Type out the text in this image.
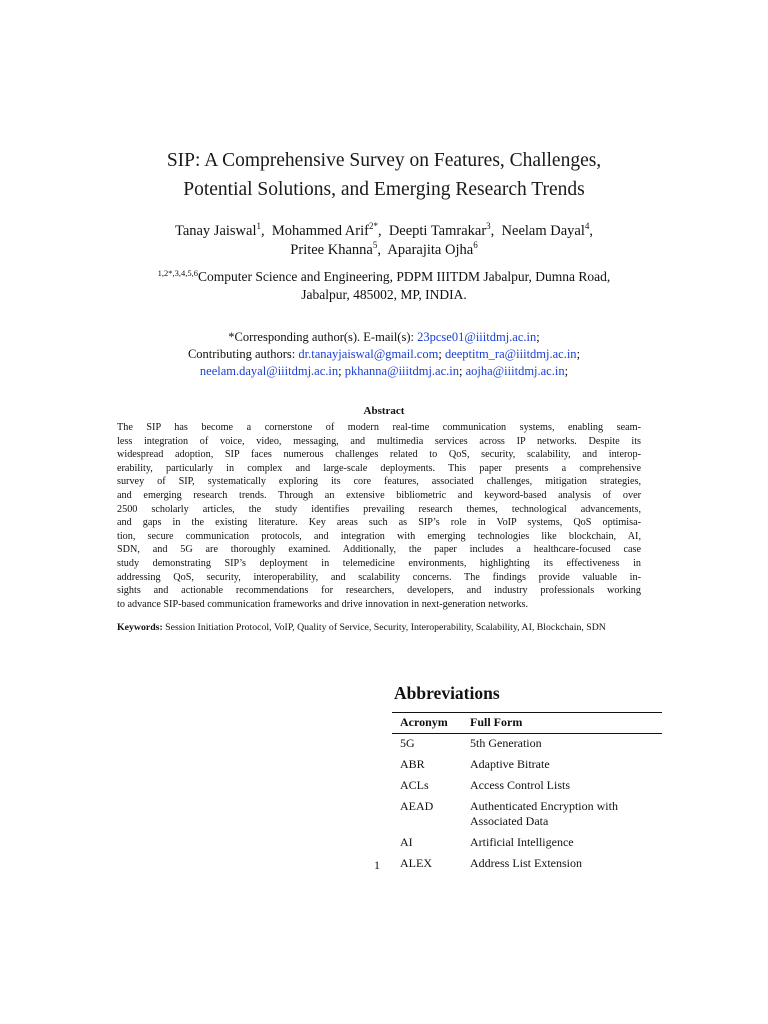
SIP: A Comprehensive Survey on Features, Challenges,
Potential Solutions, and Emerging Research Trends
Tanay Jaiswal$^1$, Mohammed Arif$^{2*}$, Deepti Tamrakar$^3$, Neelam Dayal$^4$,
Pritee Khanna$^5$, Aparajita Ojha$^6$
$^{1,2*,3,4,5,6}$Computer Science and Engineering, PDPM IIITDM Jabalpur, Dumna Road,
Jabalpur, 485002, MP, INDIA.
*Corresponding author(s). E-mail(s): 23pcse01@iiitdmj.ac.in;
Contributing authors: dr.tanayjaiswal@gmail.com; deeptitm_ra@iiitdmj.ac.in;
neelam.dayal@iiitdmj.ac.in; pkhanna@iiitdmj.ac.in; aojha@iiitdmj.ac.in;
Abstract
The SIP has become a cornerstone of modern real-time communication systems, enabling seam-
less integration of voice, video, messaging, and multimedia services across IP networks. Despite its
widespread adoption, SIP faces numerous challenges related to QoS, security, scalability, and interop-
erability, particularly in complex and large-scale deployments. This paper presents a comprehensive
survey of SIP, systematically exploring its core features, associated challenges, mitigation strategies,
and emerging research trends. Through an extensive bibliometric and keyword-based analysis of over
2500 scholarly articles, the study identifies prevailing research themes, technological advancements,
and gaps in the existing literature. Key areas such as SIP’s role in VoIP systems, QoS optimisa-
tion, secure communication protocols, and integration with emerging technologies like blockchain, AI,
SDN, and 5G are thoroughly examined. Additionally, the paper includes a healthcare-focused case
study demonstrating SIP’s deployment in telemedicine environments, highlighting its effectiveness in
addressing QoS, security, interoperability, and scalability concerns. The findings provide valuable in-
sights and actionable recommendations for researchers, developers, and industry professionals working
to advance SIP-based communication frameworks and drive innovation in next-generation networks.
Keywords: Session Initiation Protocol, VoIP, Quality of Service, Security, Interoperability, Scalability, AI, Blockchain, SDN
Abbreviations
Acronym	Full Form
5G	5th Generation
ABR	Adaptive Bitrate
ACLs	Access Control Lists
AEAD	Authenticated Encryption with Associated Data
AI	Artificial Intelligence
ALEX	Address List Extension
1
